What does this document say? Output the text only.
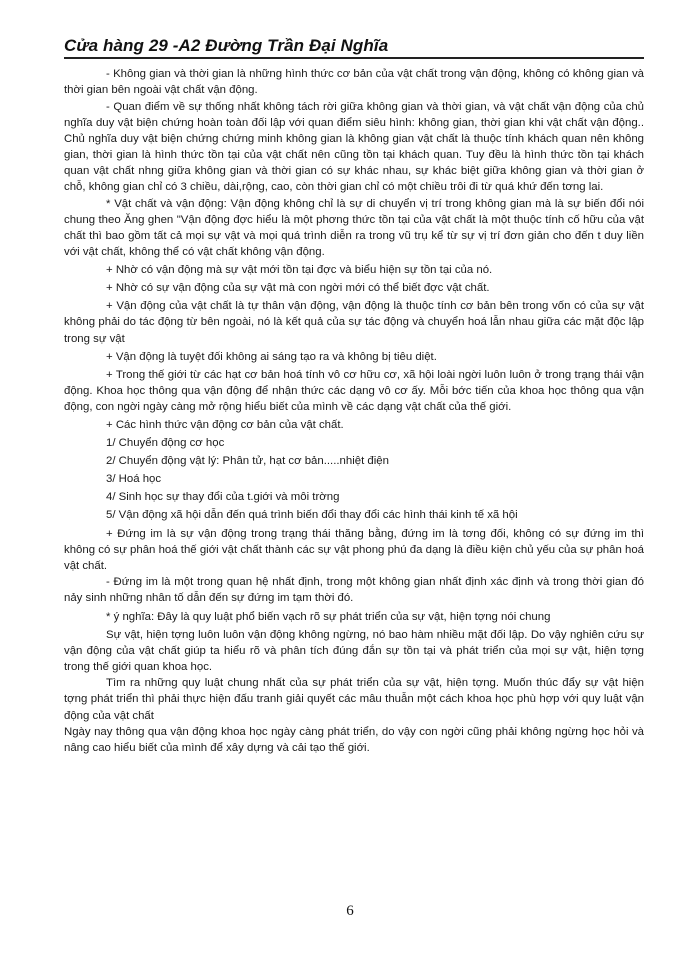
Cửa hàng 29 -A2 Đường Trần Đại Nghĩa

- Không gian và thời gian là những hình thức cơ bản của vật chất trong vận động, không có không gian và thời gian bên ngoài vật chất vận động.

- Quan điểm về sự thống nhất không tách rời giữa không gian và thời gian, và vật chất vận động của chủ nghĩa duy vật biện chứng hoàn toàn đối lập với quan điểm siêu hình: không gian, thời gian khi vật chất vận động.. Chủ nghĩa duy vật biện chứng chứng minh không gian là không gian vật chất là thuộc tính khách quan nên không gian, thời gian là hình thức tồn tại của vật chất nên cũng tồn tại khách quan. Tuy đều là hình thức tồn tại khách quan vật chất nhng giữa không gian và thời gian có sự khác nhau, sự khác biệt giữa không gian và thời gian ở chỗ, không gian chỉ có 3 chiều, dài,rộng, cao, còn thời gian chỉ có một chiều trôi đi từ quá khứ đến tơng lai.

* Vật chất và vận động: Vận động không chỉ là sự di chuyển vị trí trong không gian mà là sự biến đổi nói chung theo Ăng ghen "Vận động đợc hiểu là một phơng thức tồn tại của vật chất là một thuộc tính cố hữu của vật chất thì bao gồm tất cả mọi sự vật và mọi quá trình diễn ra trong vũ trụ kể từ sự vị trí đơn giản cho đến t duy liền với vật chất, không thể có vật chất không vận động.

+ Nhờ có vận động mà sự vật mới tồn tại đợc và biểu hiện sự tồn tại của nó.

+ Nhờ có sự vận động của sự vật mà con ngời mới có thể biết đợc vật chất.

+ Vận động của vật chất là tự thân vận động, vận động là thuộc tính cơ bản bên trong vốn có của sự vật không phải do tác động từ bên ngoài, nó là kết quả của sự tác động và chuyển hoá lẫn nhau giữa các mặt độc lập trong sự vật

+ Vận động là tuyệt đối không ai sáng tạo ra và không bị tiêu diệt.

+ Trong thế giới từ các hạt cơ bản hoá tính vô cơ hữu cơ, xã hội loài ngời luôn luôn ở trong trạng thái vận động. Khoa học thông qua vận động để nhận thức các dạng vô cơ ấy. Mỗi bớc tiến của khoa học thông qua vận động, con ngời ngày càng mở rộng hiểu biết của mình về các dạng vật chất của thế giới.

+ Các hình thức vận động cơ bản của vật chất.

1/ Chuyển động cơ học

2/ Chuyển động vật lý: Phân tử, hạt cơ bản.....nhiệt điện

3/ Hoá học

4/ Sinh học sự thay đổi của t.giới và môi trờng

5/ Vận động xã hội dẫn đến quá trình biến đổi thay đổi các hình thái kinh tế xã hội

+ Đứng im là sự vận động trong trạng thái thăng bằng, đứng im là tơng đối, không có sự đứng im thì không có sự phân hoá thế giới vật chất thành các sự vật phong phú đa dạng là điều kiện chủ yếu của sự phân hoá vật chất.

- Đứng im là một trong quan hệ nhất định, trong một không gian nhất định xác định và trong thời gian đó nảy sinh những nhân tố dẫn đến sự đứng im tạm thời đó.

* ý nghĩa: Đây là quy luật phổ biến vạch rõ sự phát triển của sự vật, hiện tợng nói chung

Sự vật, hiện tợng luôn luôn vận động không ngừng, nó bao hàm nhiều mặt đối lập. Do vậy nghiên cứu sự vận động của vật chất giúp ta hiểu rõ và phân tích đúng đắn sự tồn tại và phát triển của mọi sự vật, hiện tợng trong thế giới quan khoa học.

Tìm ra những quy luật chung nhất của sự phát triển của sự vật, hiện tợng. Muốn thúc đẩy sự vật hiện tợng phát triển thì phải thực hiện đấu tranh giải quyết các mâu thuẫn một cách khoa học phù hợp với quy luật vận động của vật chất

Ngày nay thông qua vận động khoa học ngày càng phát triển, do vậy con ngời cũng phải không ngừng học hỏi và nâng cao hiểu biết của mình để xây dựng và cải tạo thế giới.

6
